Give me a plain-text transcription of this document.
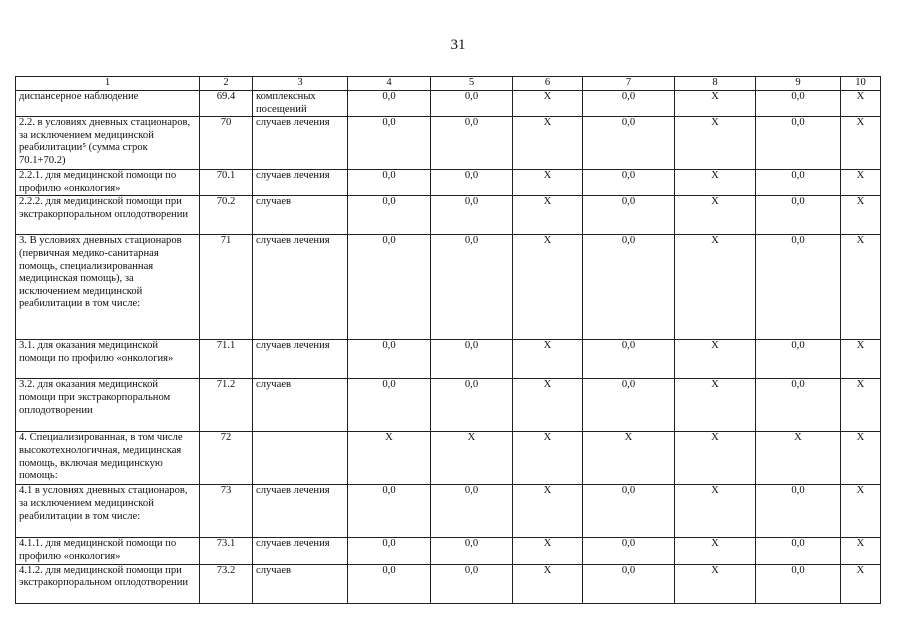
31
1	2	3	4	5	6	7	8	9	10
диспансерное наблюдение	69.4	комплексных посещений	0,0	0,0	Х	0,0	Х	0,0	Х
2.2. в условиях дневных стационаров, за исключением медицинской реабилитации⁵ (сумма строк 70.1+70.2)	70	случаев лечения	0,0	0,0	Х	0,0	Х	0,0	Х
2.2.1. для медицинской помощи по профилю «онкология»	70.1	случаев лечения	0,0	0,0	Х	0,0	Х	0,0	Х
2.2.2. для медицинской помощи при экстракорпоральном оплодотворении	70.2	случаев	0,0	0,0	Х	0,0	Х	0,0	Х
3. В условиях дневных стационаров (первичная медико-санитарная помощь, специализированная медицинская помощь), за исключением медицинской реабилитации в том числе:	71	случаев лечения	0,0	0,0	Х	0,0	Х	0,0	Х
3.1. для оказания медицинской помощи по профилю «онкология»	71.1	случаев лечения	0,0	0,0	Х	0,0	Х	0,0	Х
3.2. для оказания медицинской помощи при экстракорпоральном оплодотворении	71.2	случаев	0,0	0,0	Х	0,0	Х	0,0	Х
4. Специализированная, в том числе высокотехнологичная, медицинская помощь, включая медицинскую помощь:	72		Х	Х	Х	Х	Х	Х	Х
4.1 в условиях дневных стационаров, за исключением медицинской реабилитации в том числе:	73	случаев лечения	0,0	0,0	Х	0,0	Х	0,0	Х
4.1.1. для медицинской помощи по профилю «онкология»	73.1	случаев лечения	0,0	0,0	Х	0,0	Х	0,0	Х
4.1.2. для медицинской помощи при экстракорпоральном оплодотворении	73.2	случаев	0,0	0,0	Х	0,0	Х	0,0	Х
